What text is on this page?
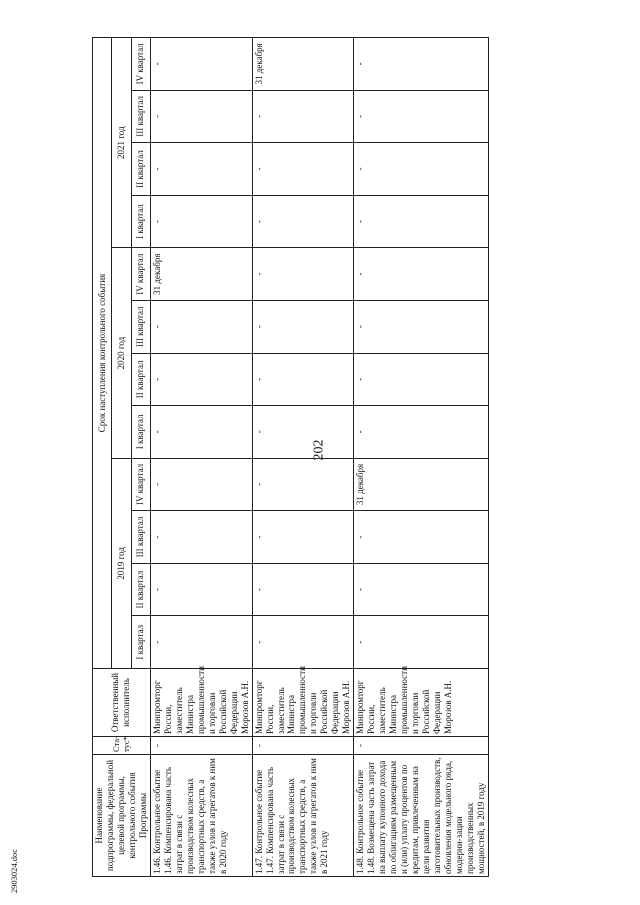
202
2903024.doc
Наименование подпрограммы, федеральной целевой программы, контрольного события Программы	Ста-тус*	Ответственный исполнитель	Срок наступления контрольного события											
			2019 год				2020 год				2021 год			
			I квартал	II квартал	III квартал	IV квартал	I квартал	II квартал	III квартал	IV квартал	I квартал	II квартал	III квартал	IV квартал
1.46. Контрольное событие 1.46. Компенсирована часть затрат в связи с производством колесных транспортных средств, а также узлов и агрегатов к ним в 2020 году	-	Минпромторг России, заместитель Министра промышленности и торговли Российской Федерации Морозов А.Н.	-	-	-	-	-	-	-	31 декабря	-	-	-	-
1.47. Контрольное событие 1.47. Компенсирована часть затрат в связи с производством колесных транспортных средств, а также узлов и агрегатов к ним в 2021 году	-	Минпромторг России, заместитель Министра промышленности и торговли Российской Федерации Морозов А.Н.	-	-	-	-	-	-	-	-	-	-	-	31 декабря
1.48. Контрольное событие 1.48. Возмещена часть затрат на выплату купонного дохода по облигациям размещенным и (или) уплату процентов по кредитам, привлеченным на цели развития заготовительных производств, обновления модельного ряда, модерни-зации производственных мощностей, в 2019 году	-	Минпромторг России, заместитель Министра промышленности и торговли Российской Федерации Морозов А.Н.	-	-	-	31 декабря	-	-	-	-	-	-	-	-
